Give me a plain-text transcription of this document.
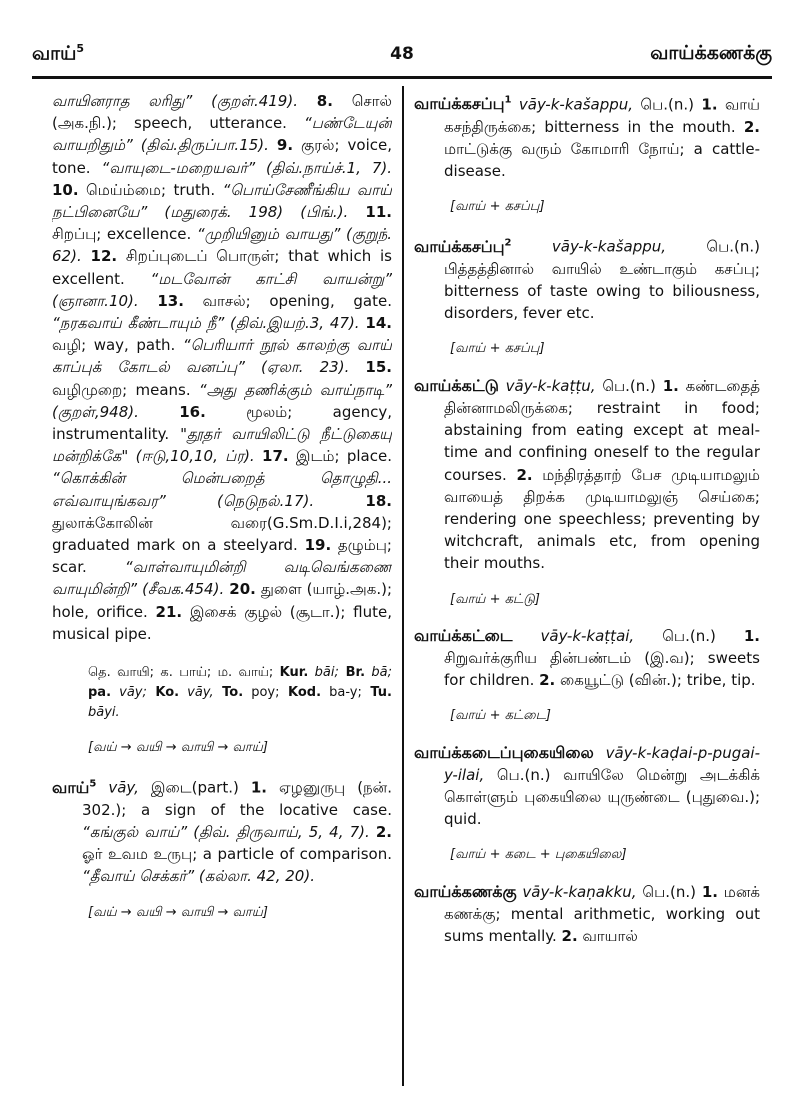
வாய்$^5$	48	வாய்க்கணக்கு

வாயினராத லரிது” (குறள்.419). 8. சொல் (அக.நி.); speech, utterance. “பண்டேயுன் வாயறிதும்” (திவ்.திருப்பா.15). 9. குரல்; voice, tone. “வாயுடை-மறையவர்” (திவ்.நாய்ச்.1, 7). 10. மெய்ம்மை; truth. “பொய்சேணீங்கிய வாய் நட்பினையே” (மதுரைக். 198) (பிங்.). 11. சிறப்பு; excellence. “முறியினும் வாயது” (குறுந். 62). 12. சிறப்புடைப் பொருள்; that which is excellent. “மடவோன் காட்சி வாயன்று” (ஞானா.10). 13. வாசல்; opening, gate. “நரகவாய் கீண்டாயும் நீ” (திவ்.இயற்.3, 47). 14. வழி; way, path. “பெரியார் நூல் காலற்கு வாய் காப்புக் கோடல் வனப்பு” (ஏலா. 23). 15. வழிமுறை; means. “அது தணிக்கும் வாய்நாடி” (குறள்,948).	16. மூலம்; agency, instrumentality. "தூதர் வாயிலிட்டு நீட்டுகையு மன்றிக்கே" (ஈடு,10,10, ப்ர). 17. இடம்; place. “கொக்கின் மென்பறைத் தொழுதி... எவ்வாயுங்கவர” (நெடுநல்.17).	18. துலாக்கோலின் வரை(G.Sm.D.I.i,284); graduated mark on a steelyard. 19. தழும்பு; scar. “வாள்வாயுமின்றி வடிவெங்கணை வாயுமின்றி” (சீவக.454). 20. துளை (யாழ்.அக.); hole, orifice. 21. இசைக் குழல் (சூடா.); flute, musical pipe.

தெ. வாயி; க. பாய்; ம. வாய்; Kur. bāi; Br. bā; pa. vāy; Ko. vāy, To. poy; Kod. ba-y; Tu. bāyi.

[வய் → வயி → வாயி → வாய்]

வாய்$^5$ vāy, இடை(part.) 1. ஏழனுருபு (நன். 302.); a sign of the locative case. “கங்குல் வாய்” (திவ். திருவாய், 5, 4, 7). 2. ஓர் உவம உருபு; a particle of comparison. “தீவாய் செக்கர்” (கல்லா. 42, 20).

[வய் → வயி → வாயி → வாய்]

வாய்க்கசப்பு$^1$ vāy-k-kašappu, பெ.(n.) 1. வாய் கசந்திருக்கை; bitterness in the mouth. 2. மாட்டுக்கு வரும் கோமாரி நோய்; a cattle-disease.

[வாய் + கசப்பு]

வாய்க்கசப்பு$^2$ vāy-k-kašappu, பெ.(n.) பித்தத்தினால் வாயில் உண்டாகும் கசப்பு; bitterness of taste owing to biliousness, disorders, fever etc.

[வாய் + கசப்பு]

வாய்க்கட்டு vāy-k-kaṭṭu, பெ.(n.) 1. கண்டதைத் தின்னாமலிருக்கை; restraint in food; abstaining from eating except at meal-time and confining oneself to the regular courses. 2. மந்திரத்தாற் பேச முடியாமலும் வாயைத் திறக்க முடியாமலுஞ் செய்கை; rendering one speechless; preventing by witchcraft, animals etc, from opening their mouths.

[வாய் + கட்டு]

வாய்க்கட்டை vāy-k-kaṭṭai, பெ.(n.) 1. சிறுவர்க்குரிய தின்பண்டம் (இ.வ); sweets for children. 2. கையூட்டு (வின்.); tribe, tip.

[வாய் + கட்டை]

வாய்க்கடைப்புகையிலை vāy-k-kaḍai-p-pugai-y-ilai, பெ.(n.) வாயிலே மென்று அடக்கிக் கொள்ளும் புகையிலை யுருண்டை (புதுவை.); quid.

[வாய் + கடை + புகையிலை]

வாய்க்கணக்கு vāy-k-kaṇakku, பெ.(n.) 1. மனக் கணக்கு; mental arithmetic, working out sums mentally. 2. வாயால்
